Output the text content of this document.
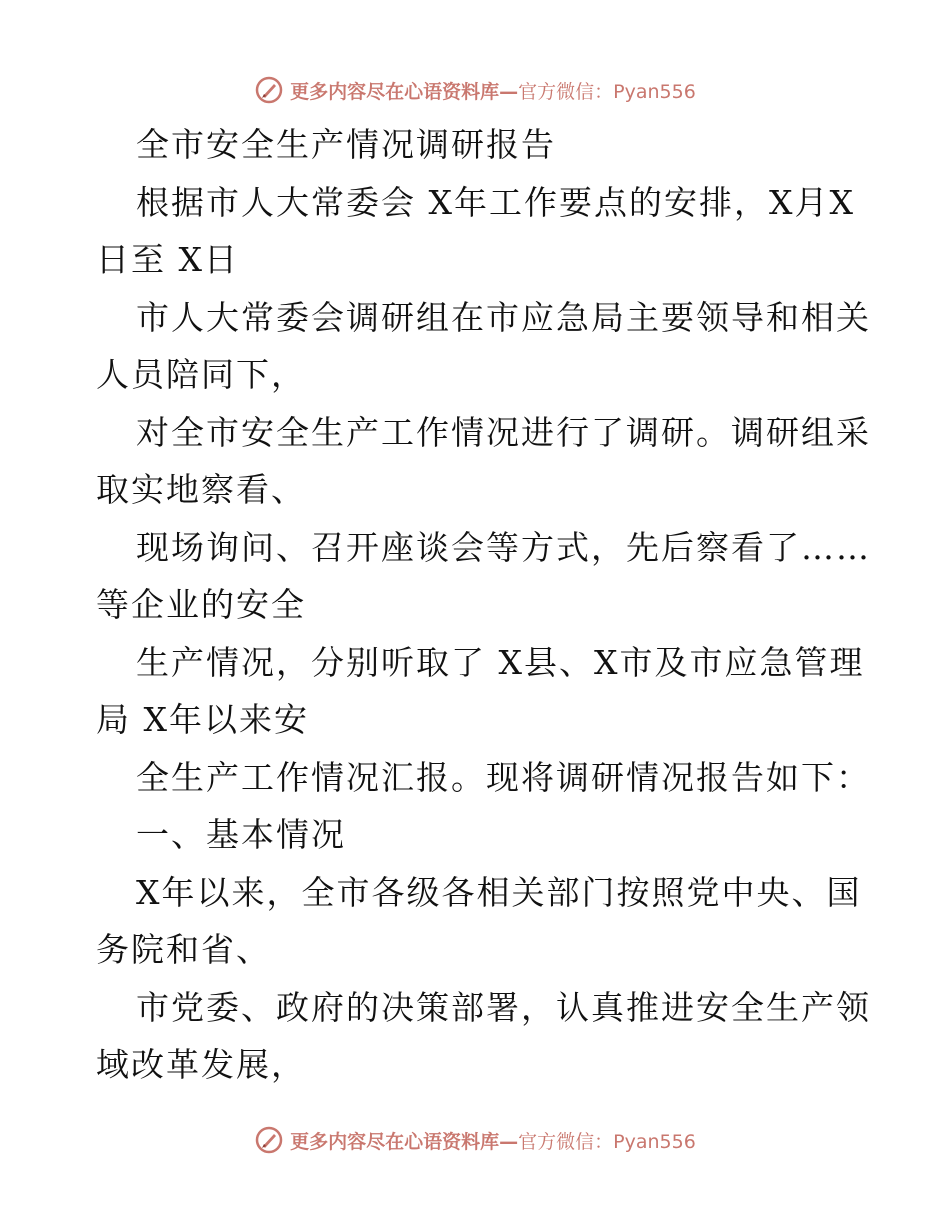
更多内容尽在心语资料库—官方微信：Pyan556
全市安全生产情况调研报告
根据市人大常委会 X年工作要点的安排，X月X
日至 X日
市人大常委会调研组在市应急局主要领导和相关
人员陪同下，
对全市安全生产工作情况进行了调研。调研组采
取实地察看、
现场询问、召开座谈会等方式，先后察看了……
等企业的安全
生产情况，分别听取了 X县、X市及市应急管理
局 X年以来安
全生产工作情况汇报。现将调研情况报告如下：
一、基本情况
X年以来，全市各级各相关部门按照党中央、国
务院和省、
市党委、政府的决策部署，认真推进安全生产领
域改革发展，
更多内容尽在心语资料库—官方微信：Pyan556
